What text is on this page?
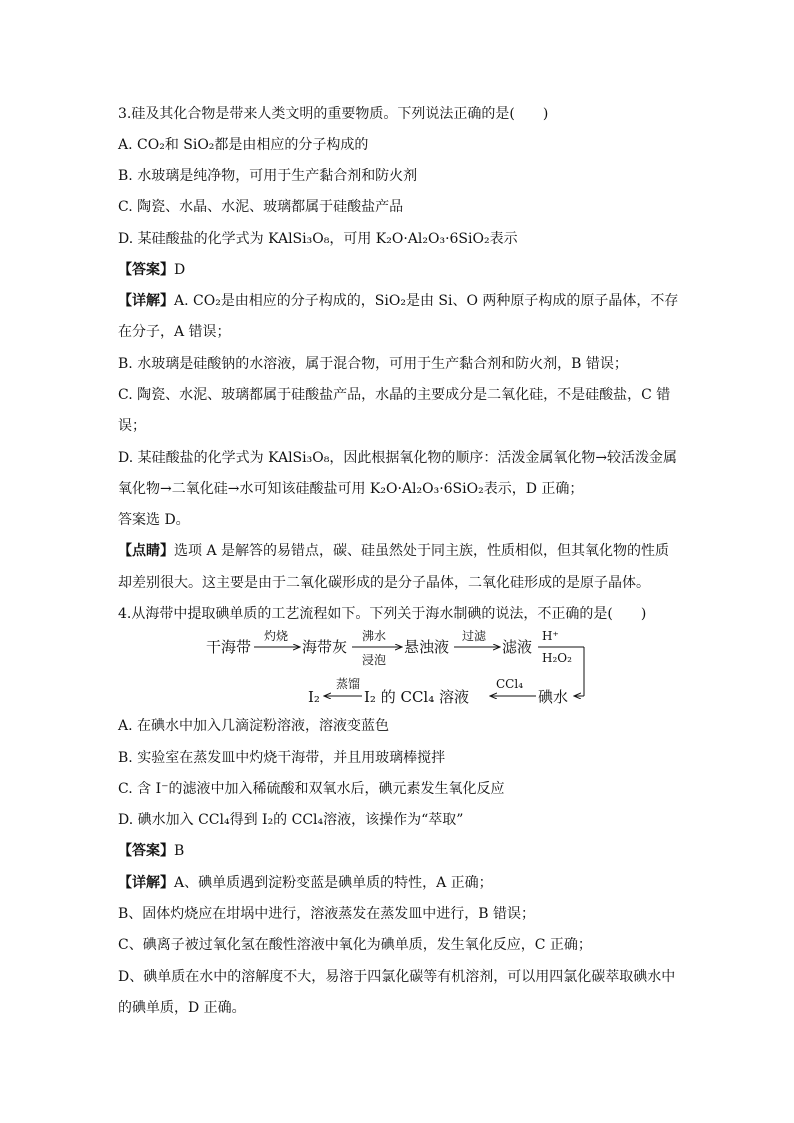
3.硅及其化合物是带来人类文明的重要物质。下列说法正确的是(　　)
A. CO₂和 SiO₂都是由相应的分子构成的
B. 水玻璃是纯净物，可用于生产黏合剂和防火剂
C. 陶瓷、水晶、水泥、玻璃都属于硅酸盐产品
D. 某硅酸盐的化学式为 KAlSi₃O₈，可用 K₂O·Al₂O₃·6SiO₂表示
【答案】D
【详解】A. CO₂是由相应的分子构成的，SiO₂是由 Si、O 两种原子构成的原子晶体，不存
在分子，A 错误；
B. 水玻璃是硅酸钠的水溶液，属于混合物，可用于生产黏合剂和防火剂，B 错误；
C. 陶瓷、水泥、玻璃都属于硅酸盐产品，水晶的主要成分是二氧化硅，不是硅酸盐，C 错
误；
D. 某硅酸盐的化学式为 KAlSi₃O₈，因此根据氧化物的顺序：活泼金属氧化物→较活泼金属
氧化物→二氧化硅→水可知该硅酸盐可用 K₂O·Al₂O₃·6SiO₂表示，D 正确；
答案选 D。
【点睛】选项 A 是解答的易错点，碳、硅虽然处于同主族，性质相似，但其氧化物的性质
却差别很大。这主要是由于二氧化碳形成的是分子晶体，二氧化硅形成的是原子晶体。
4.从海带中提取碘单质的工艺流程如下。下列关于海水制碘的说法，不正确的是(　　)
干海带
灼烧
海带灰
沸水
浸泡
悬浊液
过滤
滤液
H⁺
H₂O₂
碘水
CCl₄
I₂ 的 CCl₄ 溶液
蒸馏
I₂
A. 在碘水中加入几滴淀粉溶液，溶液变蓝色
B. 实验室在蒸发皿中灼烧干海带，并且用玻璃棒搅拌
C. 含 I⁻的滤液中加入稀硫酸和双氧水后，碘元素发生氧化反应
D. 碘水加入 CCl₄得到 I₂的 CCl₄溶液，该操作为“萃取”
【答案】B
【详解】A、碘单质遇到淀粉变蓝是碘单质的特性，A 正确；
B、固体灼烧应在坩埚中进行，溶液蒸发在蒸发皿中进行，B 错误；
C、碘离子被过氧化氢在酸性溶液中氧化为碘单质，发生氧化反应，C 正确；
D、碘单质在水中的溶解度不大，易溶于四氯化碳等有机溶剂，可以用四氯化碳萃取碘水中
的碘单质，D 正确。
